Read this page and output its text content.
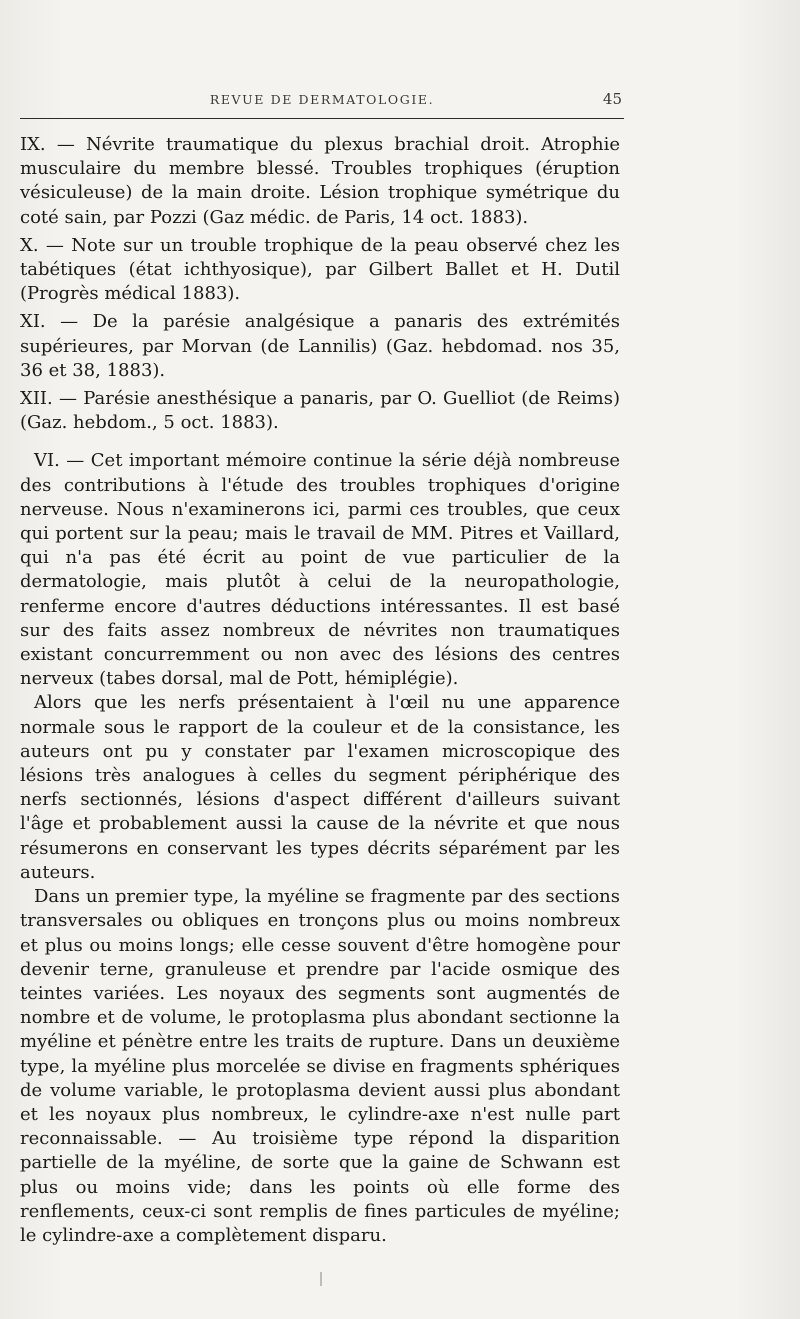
REVUE DE DERMATOLOGIE.	45

IX. — Névrite traumatique du plexus brachial droit. Atrophie musculaire du membre blessé. Troubles trophiques (éruption vésiculeuse) de la main droite. Lésion trophique symétrique du coté sain, par Pozzi (Gaz médic. de Paris, 14 oct. 1883).

X. — Note sur un trouble trophique de la peau observé chez les tabétiques (état ichthyosique), par Gilbert Ballet et H. Dutil (Progrès médical 1883).

XI. — De la parésie analgésique a panaris des extrémités supérieures, par Morvan (de Lannilis) (Gaz. hebdomad. nos 35, 36 et 38, 1883).

XII. — Parésie anesthésique a panaris, par O. Guelliot (de Reims) (Gaz. hebdom., 5 oct. 1883).

VI. — Cet important mémoire continue la série déjà nombreuse des contributions à l'étude des troubles trophiques d'origine nerveuse. Nous n'examinerons ici, parmi ces troubles, que ceux qui portent sur la peau; mais le travail de MM. Pitres et Vaillard, qui n'a pas été écrit au point de vue particulier de la dermatologie, mais plutôt à celui de la neuropathologie, renferme encore d'autres déductions intéressantes. Il est basé sur des faits assez nombreux de névrites non traumatiques existant concurremment ou non avec des lésions des centres nerveux (tabes dorsal, mal de Pott, hémiplégie).

Alors que les nerfs présentaient à l'œil nu une apparence normale sous le rapport de la couleur et de la consistance, les auteurs ont pu y constater par l'examen microscopique des lésions très analogues à celles du segment périphérique des nerfs sectionnés, lésions d'aspect différent d'ailleurs suivant l'âge et probablement aussi la cause de la névrite et que nous résumerons en conservant les types décrits séparément par les auteurs.

Dans un premier type, la myéline se fragmente par des sections transversales ou obliques en tronçons plus ou moins nombreux et plus ou moins longs; elle cesse souvent d'être homogène pour devenir terne, granuleuse et prendre par l'acide osmique des teintes variées. Les noyaux des segments sont augmentés de nombre et de volume, le protoplasma plus abondant sectionne la myéline et pénètre entre les traits de rupture. Dans un deuxième type, la myéline plus morcelée se divise en fragments sphériques de volume variable, le protoplasma devient aussi plus abondant et les noyaux plus nombreux, le cylindre-axe n'est nulle part reconnaissable. — Au troisième type répond la disparition partielle de la myéline, de sorte que la gaine de Schwann est plus ou moins vide; dans les points où elle forme des renflements, ceux-ci sont remplis de fines particules de myéline; le cylindre-axe a complètement disparu.
